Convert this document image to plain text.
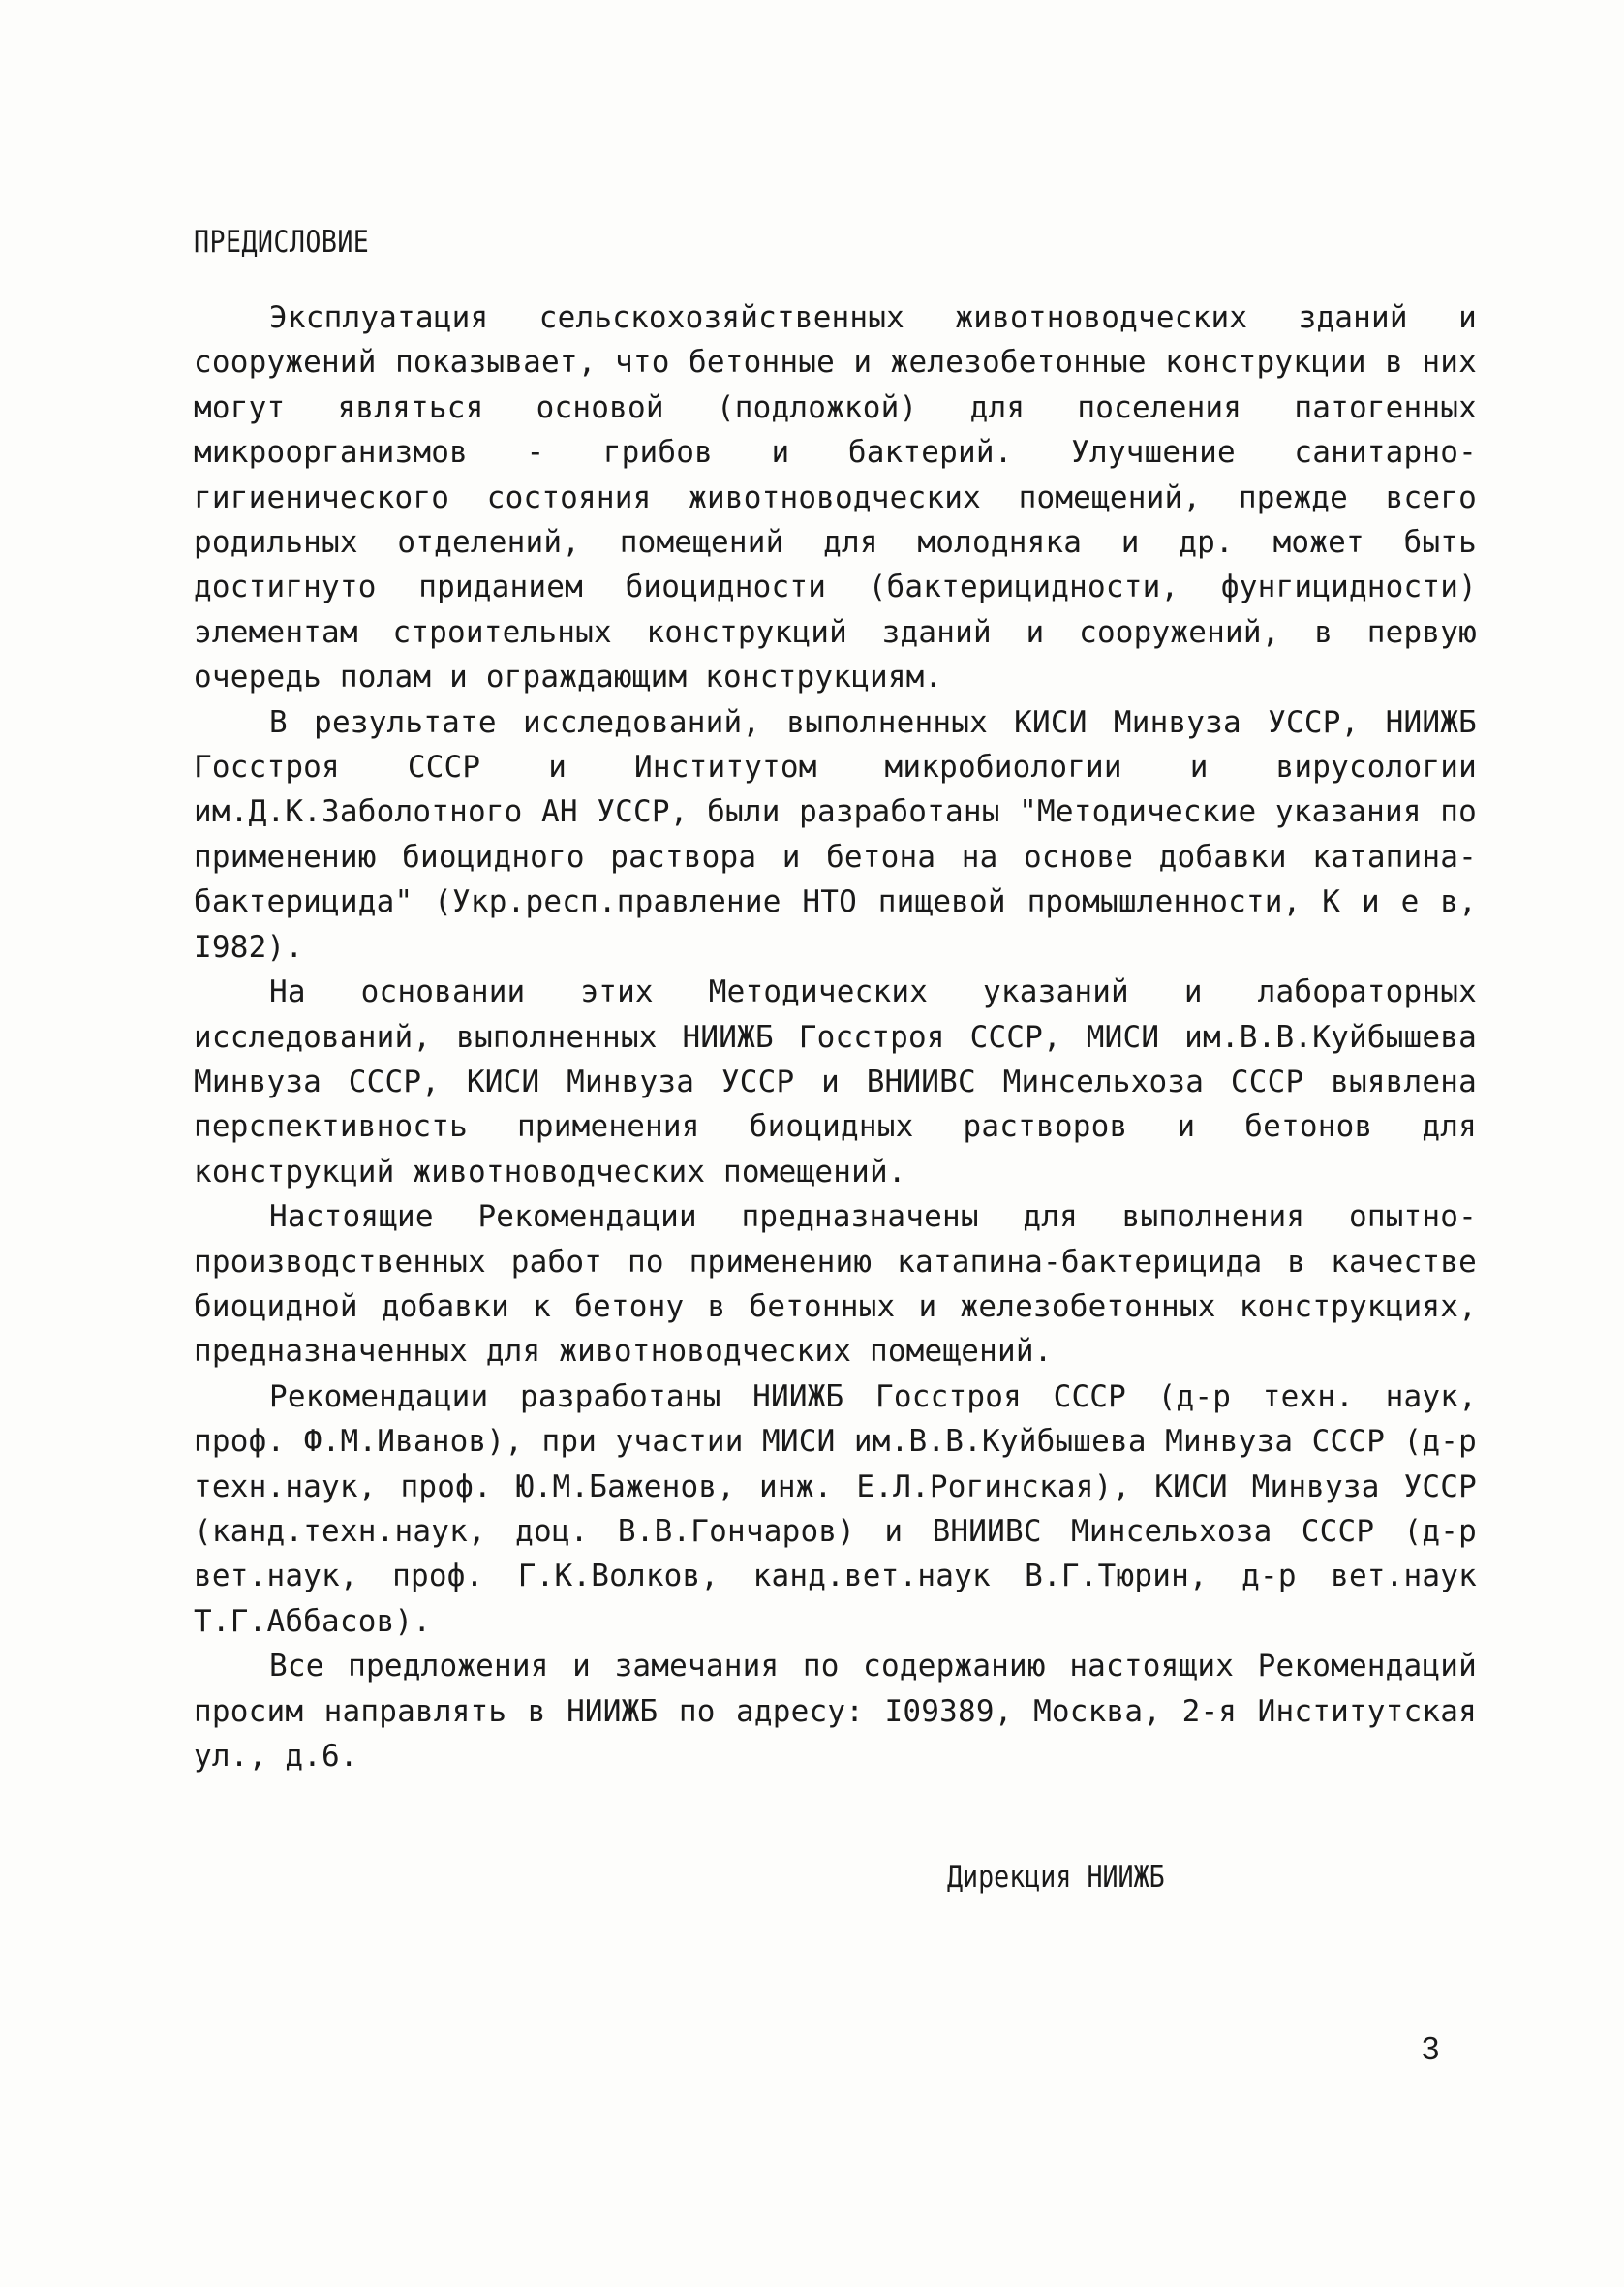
ПРЕДИСЛОВИЕ

Эксплуатация сельскохозяйственных животноводческих зданий и сооружений показывает, что бетонные и железобетонные конструкции в них могут являться основой (подложкой) для поселения патогенных микроорганизмов - грибов и бактерий. Улучшение санитарно-гигиенического состояния животноводческих помещений, прежде всего родильных отделений, помещений для молодняка и др. может быть достигнуто приданием биоцидности (бактерицидности, фунгицидности) элементам строительных конструкций зданий и сооружений, в первую очередь полам и ограждающим конструкциям.

В результате исследований, выполненных КИСИ Минвуза УССР, НИИЖБ Госстроя СССР и Институтом микробиологии и вирусологии им.Д.К.Заболотного АН УССР, были разработаны "Методические указания по применению биоцидного раствора и бетона на основе добавки катапина-бактерицида" (Укр.респ.правление НТО пищевой промышленности, К и е в, I982).

На основании этих Методических указаний и лабораторных исследований, выполненных НИИЖБ Госстроя СССР, МИСИ им.В.В.Куйбышева Минвуза СССР, КИСИ Минвуза УССР и ВНИИВС Минсельхоза СССР выявлена перспективность применения биоцидных растворов и бетонов для конструкций животноводческих помещений.

Настоящие Рекомендации предназначены для выполнения опытно-производственных работ по применению катапина-бактерицида в качестве биоцидной добавки к бетону в бетонных и железобетонных конструкциях, предназначенных для животноводческих помещений.

Рекомендации разработаны НИИЖБ Госстроя СССР (д-р техн. наук, проф. Ф.М.Иванов), при участии МИСИ им.В.В.Куйбышева Минвуза СССР (д-р техн.наук, проф. Ю.М.Баженов, инж. Е.Л.Рогинская), КИСИ Минвуза УССР (канд.техн.наук, доц. В.В.Гончаров) и ВНИИВС Минсельхоза СССР (д-р вет.наук, проф. Г.К.Волков, канд.вет.наук В.Г.Тюрин, д-р вет.наук Т.Г.Аббасов).

Все предложения и замечания по содержанию настоящих Рекомендаций просим направлять в НИИЖБ по адресу: I09389, Москва, 2-я Институтская ул., д.6.

Дирекция НИИЖБ
3
